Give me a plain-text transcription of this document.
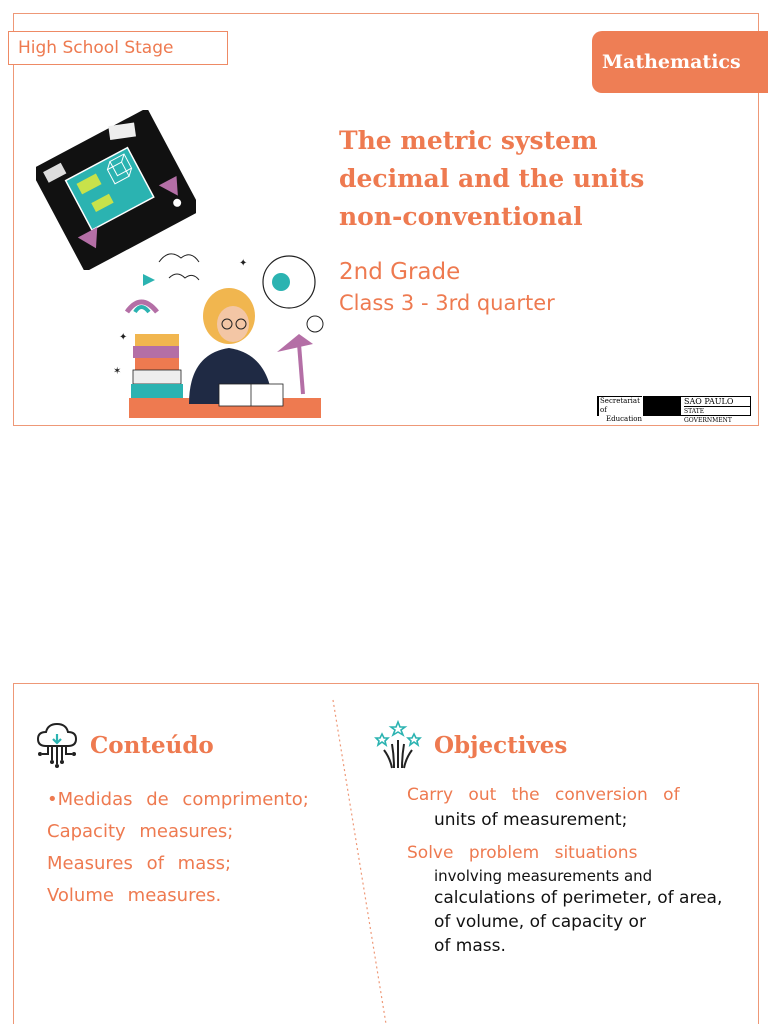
High School Stage
Mathematics
✦
✶
✦
The metric system
decimal and the units
non-conventional
2nd Grade
Class 3 - 3rd quarter
Secretariat of
Education
SAO PAULO
STATE GOVERNMENT
Conteúdo
•Medidas de comprimento;
Capacity measures;
Measures of mass;
Volume measures.
Objectives
Carry out the conversion of
units of measurement;
Solve problem situations
involving measurements and
calculations of perimeter, of area,
of volume, of capacity or
of mass.
